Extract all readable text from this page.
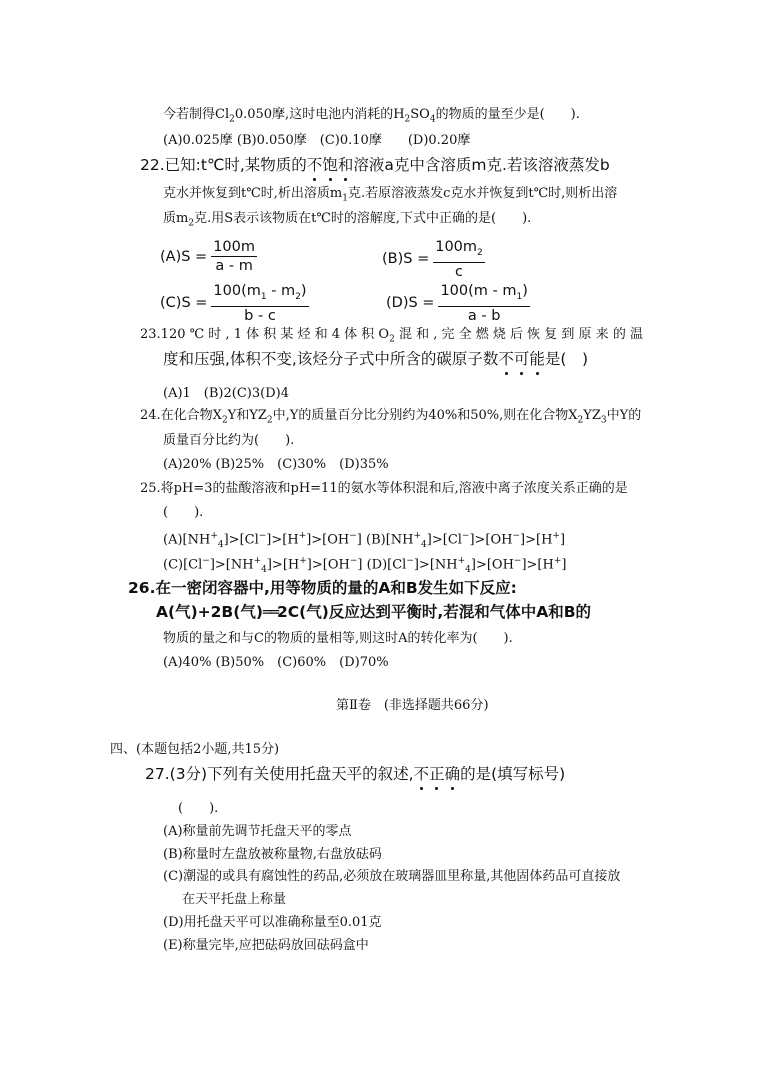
今若制得$Cl_20.050$摩,这时电池内消耗的$H_2SO_4$的物质的量至少是(　　).
(A)0.025摩 (B)0.050摩　(C)0.10摩　　(D)0.20摩
22.已知:t℃时,某物质的不饱和溶液a克中含溶质m克.若该溶液蒸发b
克水并恢复到t℃时,析出溶质$m_1$克.若原溶液蒸发c克水并恢复到t℃时,则析出溶
质$m_2$克.用S表示该物质在t℃时的溶解度,下式中正确的是(　　).
$(A)S = \frac{100m}{a - m}$	$(B)S = \frac{100m_2}{c}$
$(C)S = \frac{100(m_1 - m_2)}{b - c}$	$(D)S = \frac{100(m - m_1)}{a - b}$
23.120 ℃ 时 , 1 体 积 某 烃 和 4 体 积 $O_2$ 混 和 , 完 全 燃 烧 后 恢 复 到 原 来 的 温
度和压强,体积不变,该烃分子式中所含的碳原子数不可能是(　)
(A)1　(B)2(C)3(D)4
24.在化合物$X_2Y$和$YZ_2$中,Y的质量百分比分别约为40%和50%,则在化合物$X_2YZ_3$中Y的
质量百分比约为(　　).
(A)20% (B)25%　(C)30%　(D)35%
25.将pH=3的盐酸溶液和pH=11的氨水等体积混和后,溶液中离子浓度关系正确的是
(　　).
$(A)[NH^+_4]>[Cl^-]>[H^+]>[OH^-]$ $(B)[NH^+_4]>[Cl^-]>[OH^-]>[H^+]$
$(C)[Cl^-]>[NH^+_4]>[H^+]>[OH^-]$ $(D)[Cl^-]>[NH^+_4]>[OH^-]>[H^+]$
26.在一密闭容器中,用等物质的量的A和B发生如下反应:
A(气)+2B(气)══2C(气)反应达到平衡时,若混和气体中A和B的
物质的量之和与C的物质的量相等,则这时A的转化率为(　　).
(A)40% (B)50%　(C)60%　(D)70%
第Ⅱ卷　(非选择题共66分)
四、(本题包括2小题,共15分)
27.(3分)下列有关使用托盘天平的叙述,不正确的是(填写标号)
(　　).
(A)称量前先调节托盘天平的零点
(B)称量时左盘放被称量物,右盘放砝码
(C)潮湿的或具有腐蚀性的药品,必须放在玻璃器皿里称量,其他固体药品可直接放
在天平托盘上称量
(D)用托盘天平可以准确称量至0.01克
(E)称量完毕,应把砝码放回砝码盒中
